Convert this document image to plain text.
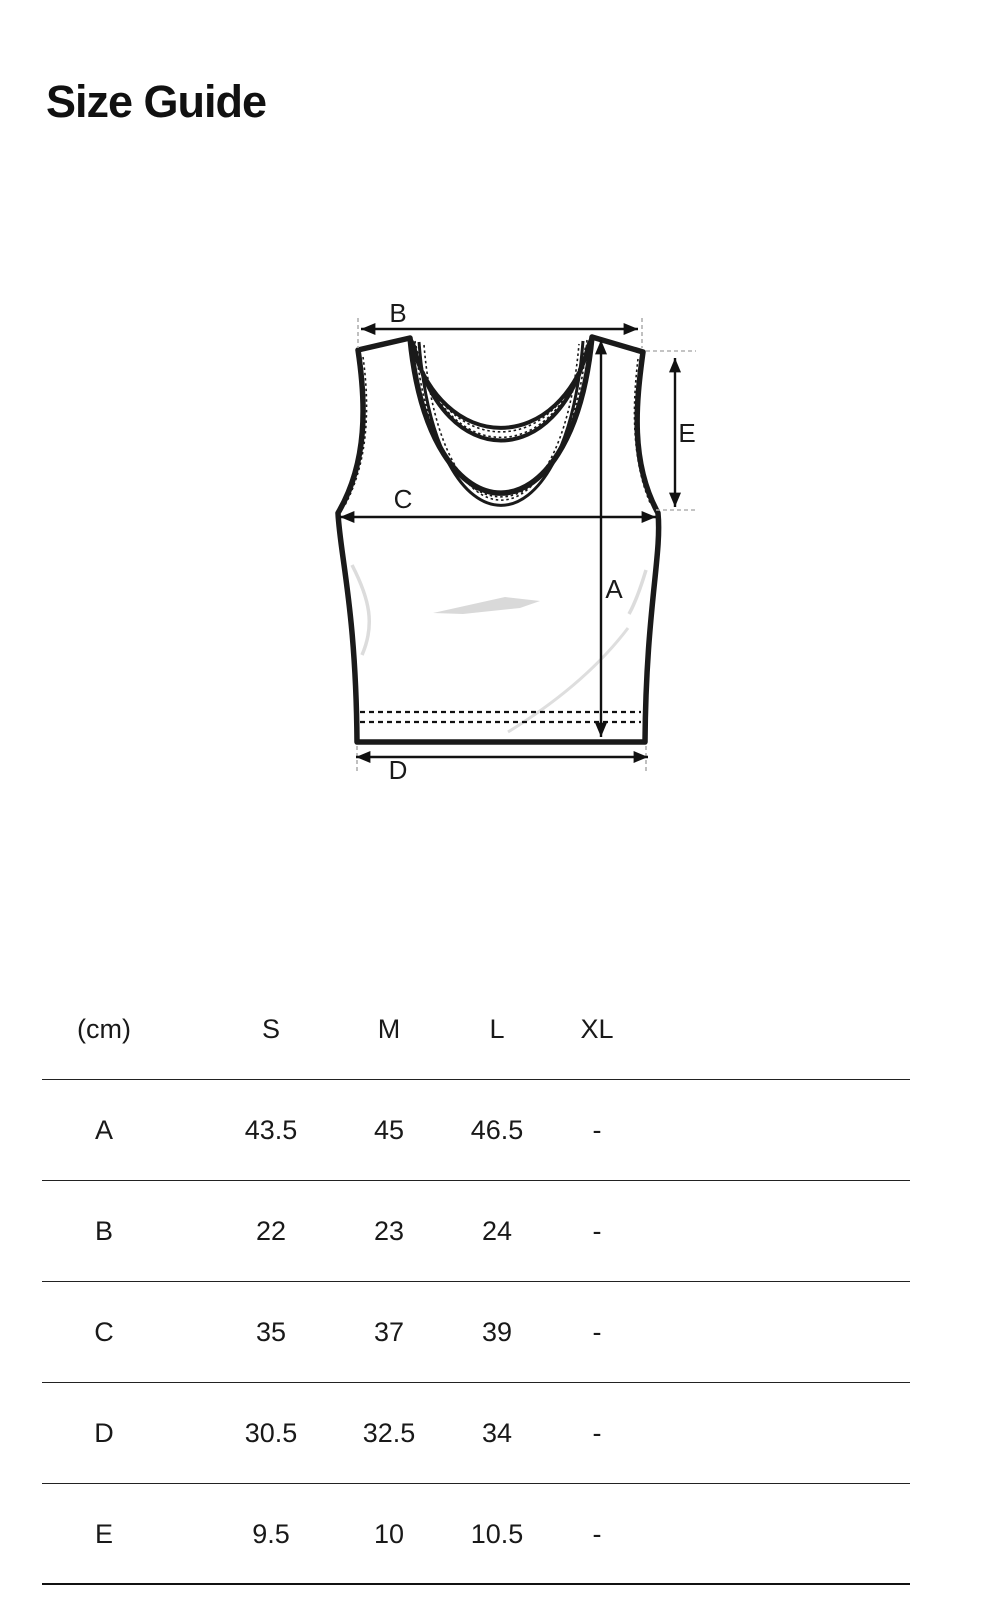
Size Guide
B
C
D
A
E
(cm)	S	M	L	XL
A	43.5	45	46.5	-
B	22	23	24	-
C	35	37	39	-
D	30.5	32.5	34	-
E	9.5	10	10.5	-
